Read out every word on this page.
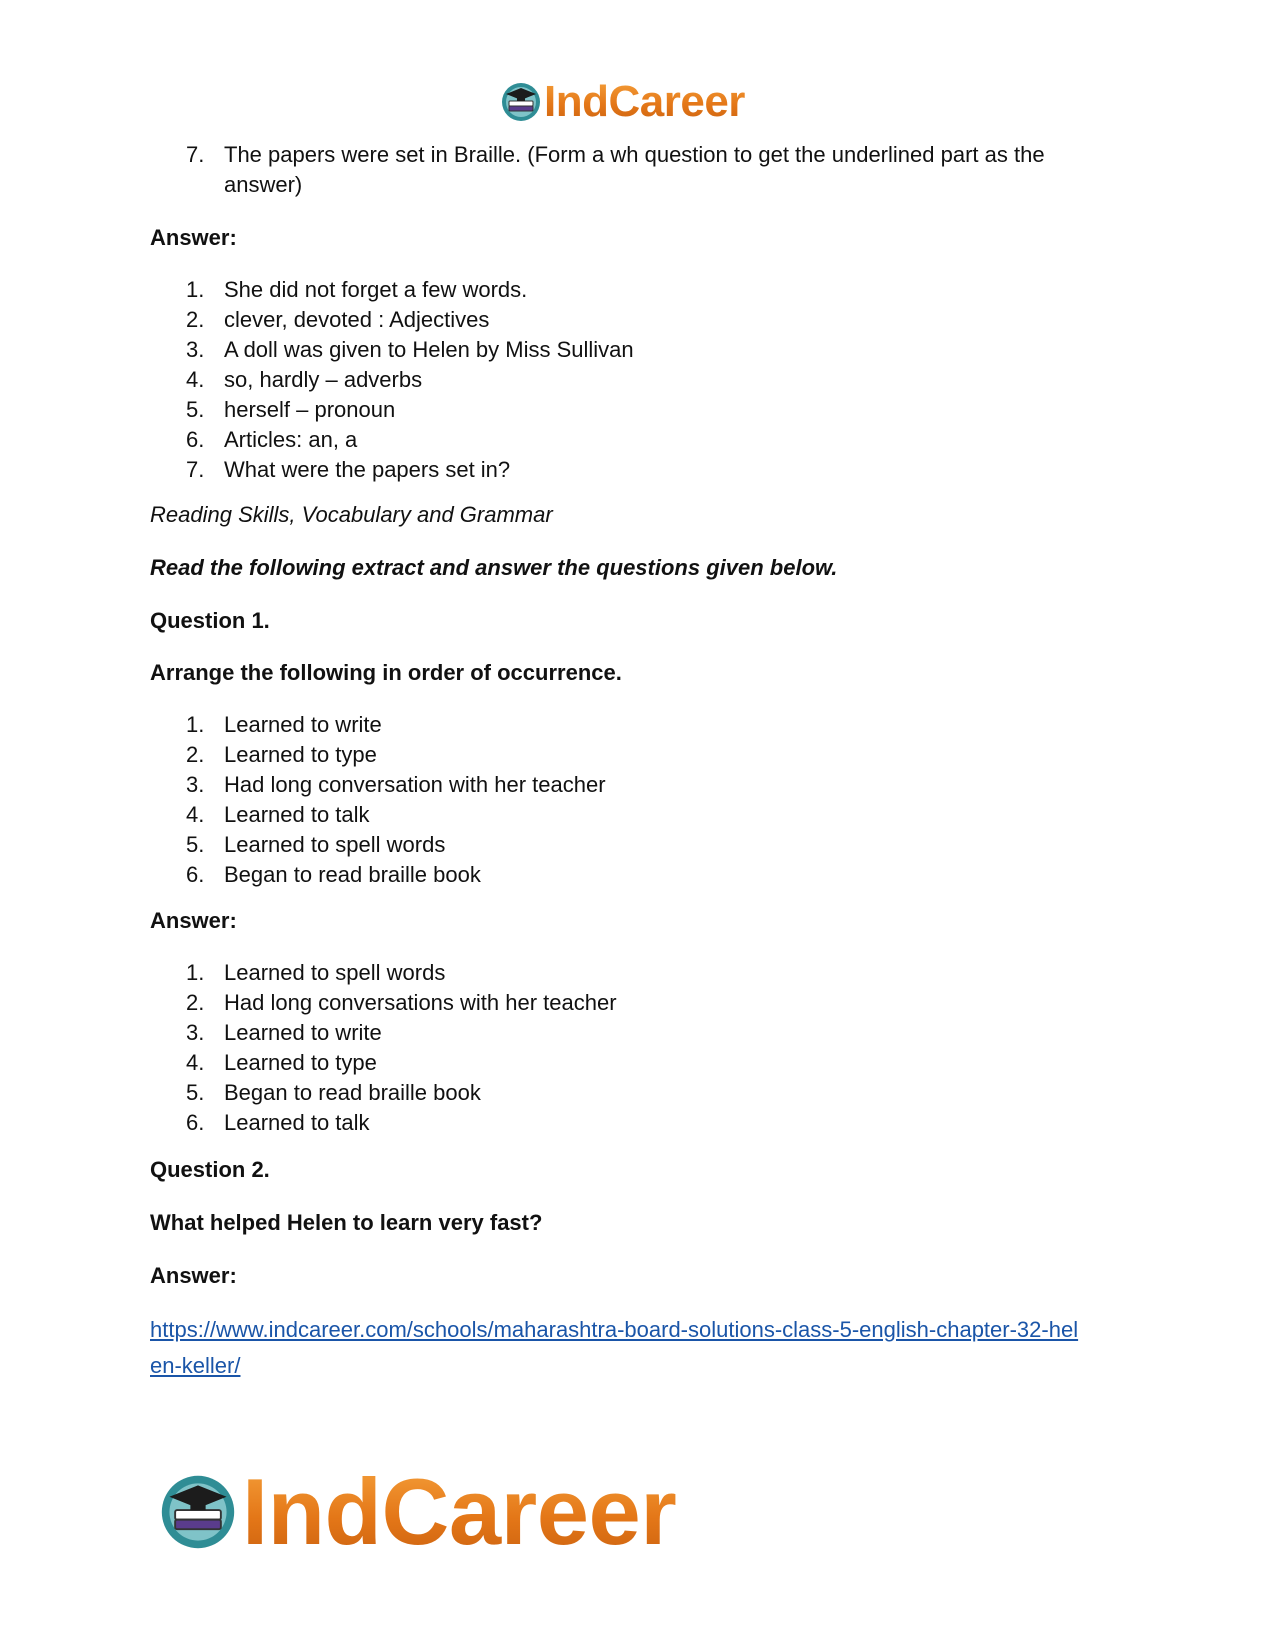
IndCareer
7. The papers were set in Braille. (Form a wh question to get the underlined part as the
answer)
Answer:
1. She did not forget a few words.
2. clever, devoted : Adjectives
3. A doll was given to Helen by Miss Sullivan
4. so, hardly – adverbs
5. herself – pronoun
6. Articles: an, a
7. What were the papers set in?
Reading Skills, Vocabulary and Grammar
Read the following extract and answer the questions given below.
Question 1.
Arrange the following in order of occurrence.
1. Learned to write
2. Learned to type
3. Had long conversation with her teacher
4. Learned to talk
5. Learned to spell words
6. Began to read braille book
Answer:
1. Learned to spell words
2. Had long conversations with her teacher
3. Learned to write
4. Learned to type
5. Began to read braille book
6. Learned to talk
Question 2.
What helped Helen to learn very fast?
Answer:
https://www.indcareer.com/schools/maharashtra-board-solutions-class-5-english-chapter-32-hel
en-keller/
IndCareer
